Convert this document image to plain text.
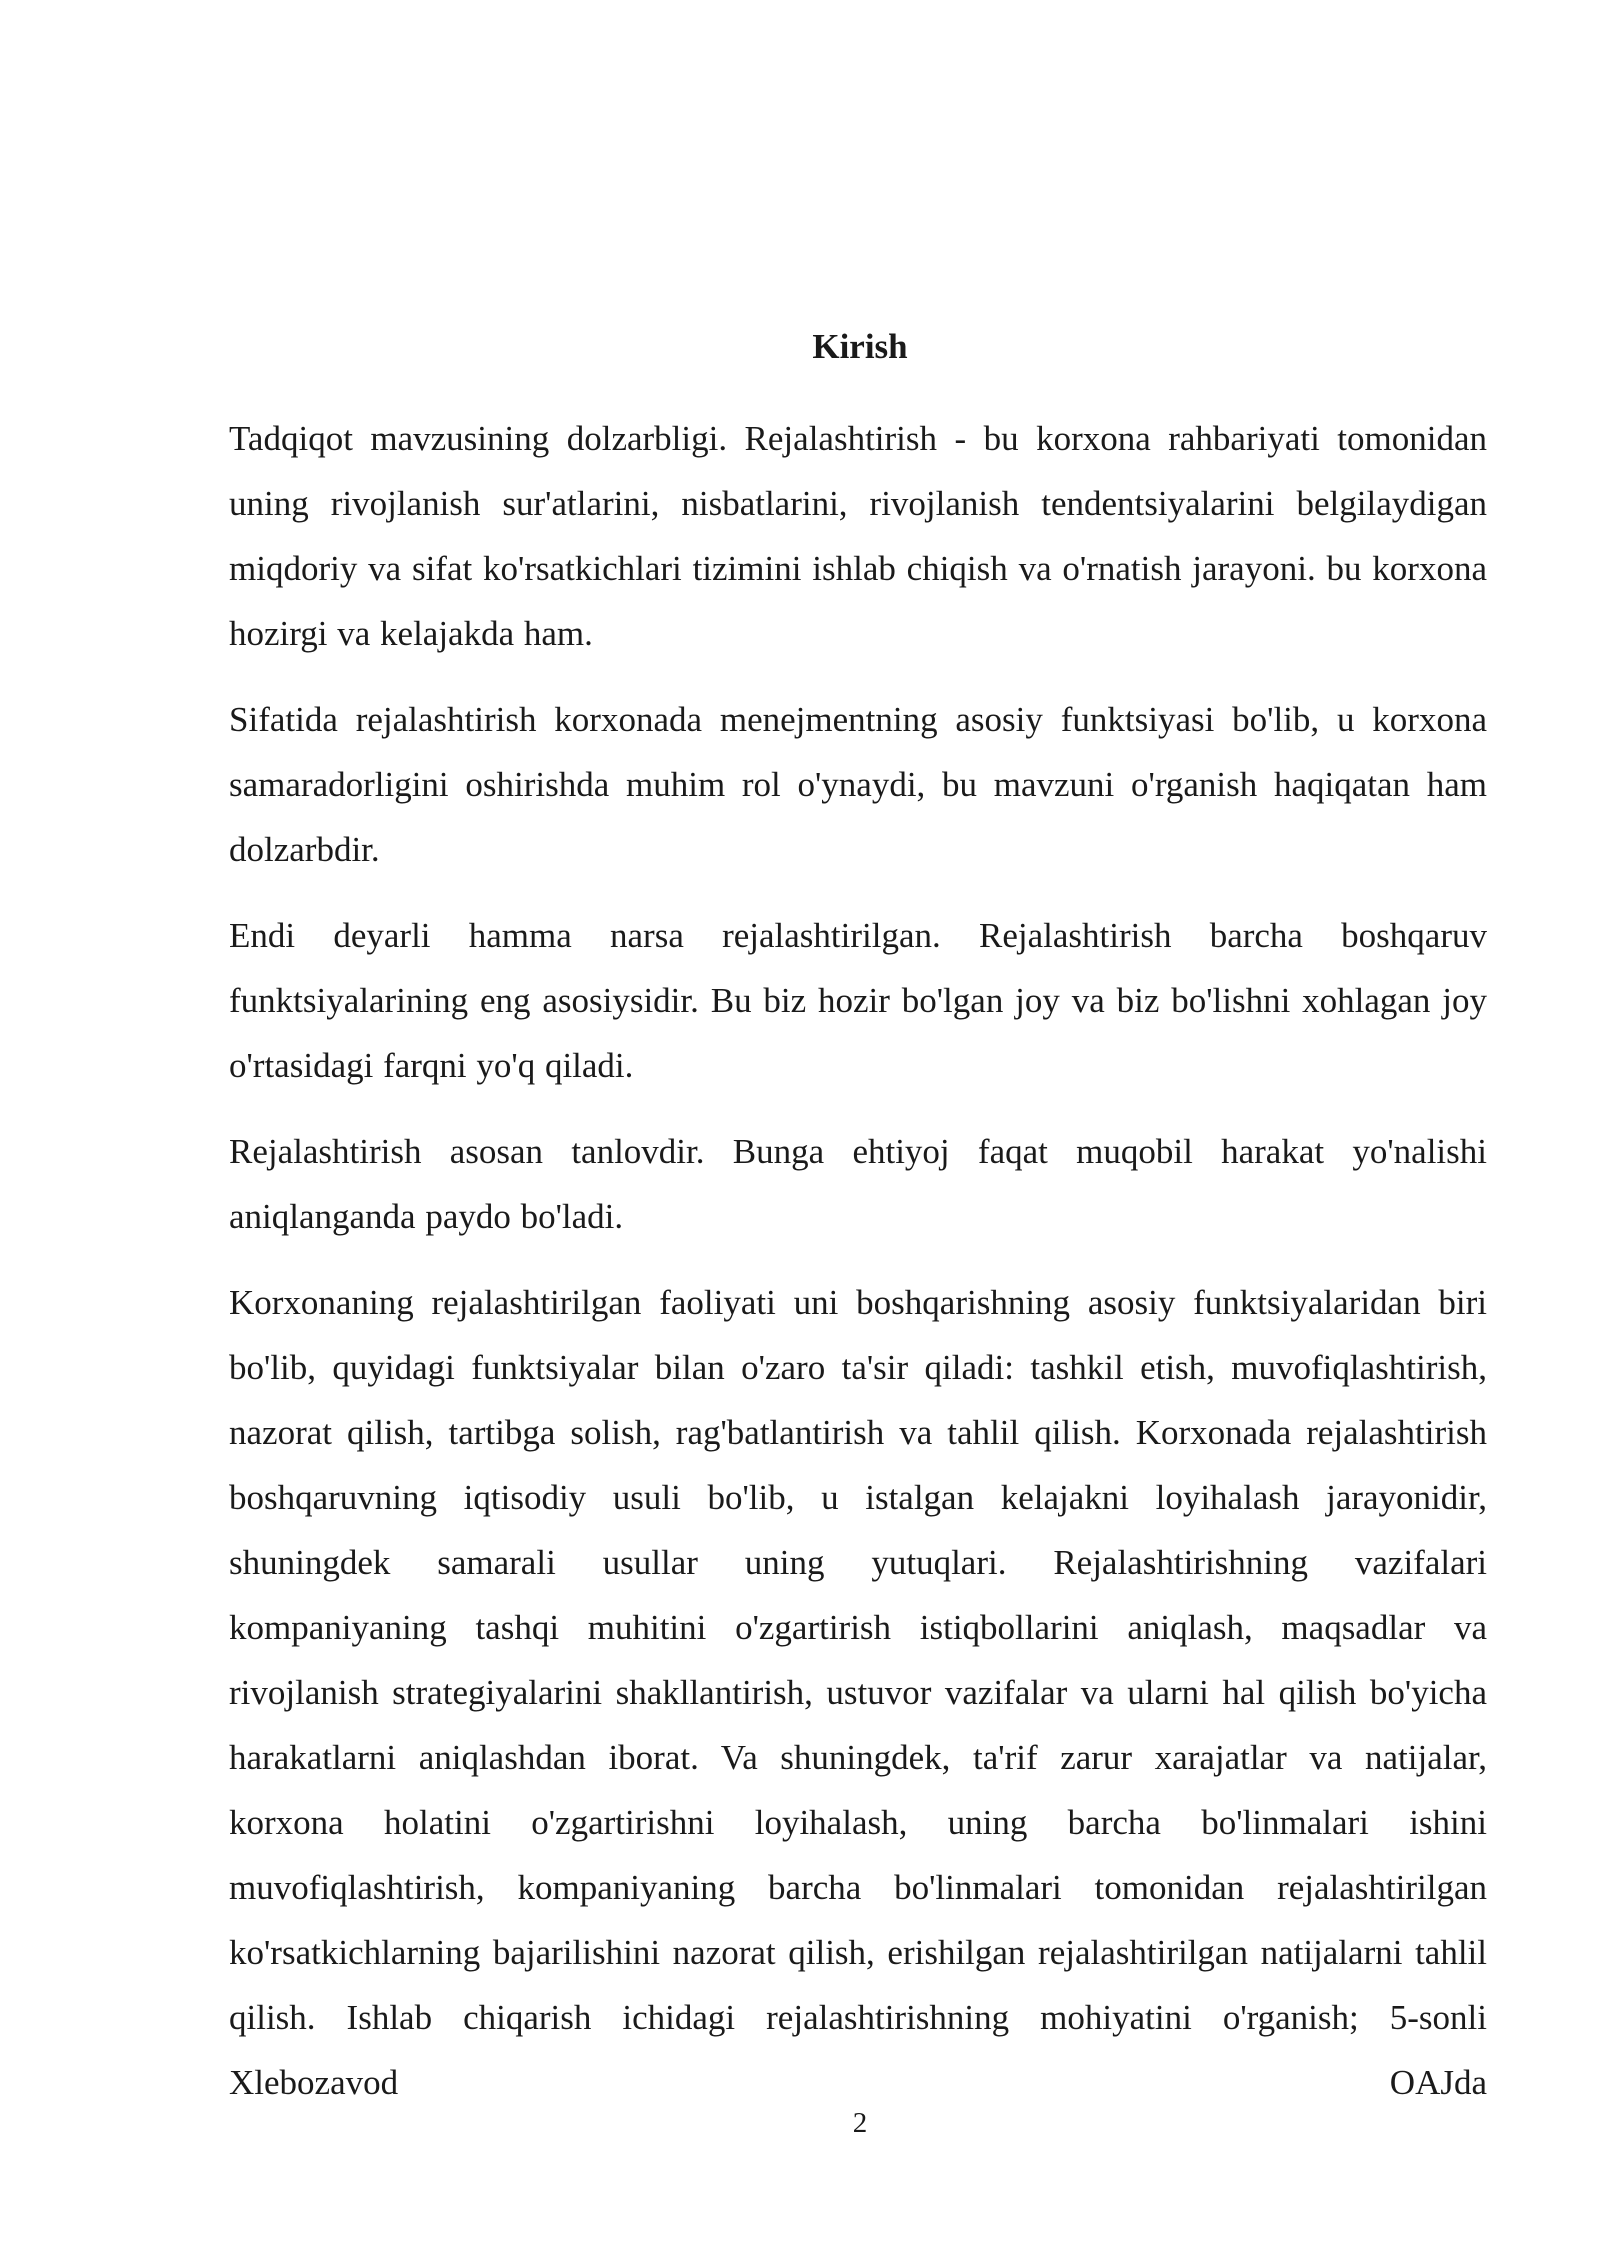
Kirish

Tadqiqot mavzusining dolzarbligi. Rejalashtirish - bu korxona rahbariyati tomonidan uning rivojlanish sur'atlarini, nisbatlarini, rivojlanish tendentsiyalarini belgilaydigan miqdoriy va sifat ko'rsatkichlari tizimini ishlab chiqish va o'rnatish jarayoni. bu korxona hozirgi va kelajakda ham.

Sifatida rejalashtirish korxonada menejmentning asosiy funktsiyasi bo'lib, u korxona samaradorligini oshirishda muhim rol o'ynaydi, bu mavzuni o'rganish haqiqatan ham dolzarbdir.

Endi deyarli hamma narsa rejalashtirilgan. Rejalashtirish barcha boshqaruv funktsiyalarining eng asosiysidir. Bu biz hozir bo'lgan joy va biz bo'lishni xohlagan joy o'rtasidagi farqni yo'q qiladi.

Rejalashtirish asosan tanlovdir. Bunga ehtiyoj faqat muqobil harakat yo'nalishi aniqlanganda paydo bo'ladi.

Korxonaning rejalashtirilgan faoliyati uni boshqarishning asosiy funktsiyalaridan biri bo'lib, quyidagi funktsiyalar bilan o'zaro ta'sir qiladi: tashkil etish, muvofiqlashtirish, nazorat qilish, tartibga solish, rag'batlantirish va tahlil qilish. Korxonada rejalashtirish boshqaruvning iqtisodiy usuli bo'lib, u istalgan kelajakni loyihalash jarayonidir, shuningdek samarali usullar uning yutuqlari. Rejalashtirishning vazifalari kompaniyaning tashqi muhitini o'zgartirish istiqbollarini aniqlash, maqsadlar va rivojlanish strategiyalarini shakllantirish, ustuvor vazifalar va ularni hal qilish bo'yicha harakatlarni aniqlashdan iborat. Va shuningdek, ta'rif zarur xarajatlar va natijalar, korxona holatini o'zgartirishni loyihalash, uning barcha bo'linmalari ishini muvofiqlashtirish, kompaniyaning barcha bo'linmalari tomonidan rejalashtirilgan ko'rsatkichlarning bajarilishini nazorat qilish, erishilgan rejalashtirilgan natijalarni tahlil qilish. Ishlab chiqarish ichidagi rejalashtirishning mohiyatini o'rganish; 5-sonli Xlebozavod OAJda

2
